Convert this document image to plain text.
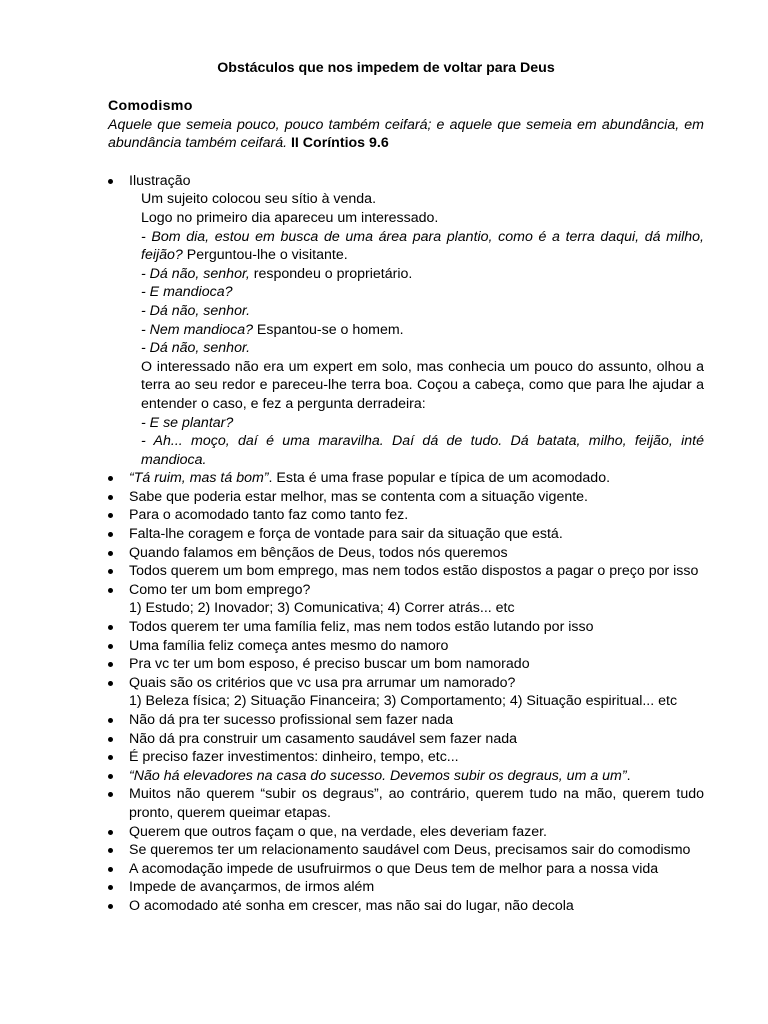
Obstáculos que nos impedem de voltar para Deus
Comodismo
Aquele que semeia pouco, pouco também ceifará; e aquele que semeia em abundância, em abundância também ceifará. II Coríntios 9.6
Ilustração
Um sujeito colocou seu sítio à venda.
Logo no primeiro dia apareceu um interessado.
- Bom dia, estou em busca de uma área para plantio, como é a terra daqui, dá milho, feijão? Perguntou-lhe o visitante.
- Dá não, senhor, respondeu o proprietário.
- E mandioca?
- Dá não, senhor.
- Nem mandioca? Espantou-se o homem.
- Dá não, senhor.
O interessado não era um expert em solo, mas conhecia um pouco do assunto, olhou a terra ao seu redor e pareceu-lhe terra boa. Coçou a cabeça, como que para lhe ajudar a entender o caso, e fez a pergunta derradeira:
- E se plantar?
- Ah... moço, daí é uma maravilha. Daí dá de tudo. Dá batata, milho, feijão, inté mandioca.
“Tá ruim, mas tá bom”. Esta é uma frase popular e típica de um acomodado.
Sabe que poderia estar melhor, mas se contenta com a situação vigente.
Para o acomodado tanto faz como tanto fez.
Falta-lhe coragem e força de vontade para sair da situação que está.
Quando falamos em bênçãos de Deus, todos nós queremos
Todos querem um bom emprego, mas nem todos estão dispostos a pagar o preço por isso
Como ter um bom emprego?
1) Estudo; 2) Inovador; 3) Comunicativa; 4) Correr atrás... etc
Todos querem ter uma família feliz, mas nem todos estão lutando por isso
Uma família feliz começa antes mesmo do namoro
Pra vc ter um bom esposo, é preciso buscar um bom namorado
Quais são os critérios que vc usa pra arrumar um namorado?
1) Beleza física; 2) Situação Financeira; 3) Comportamento; 4) Situação espiritual... etc
Não dá pra ter sucesso profissional sem fazer nada
Não dá pra construir um casamento saudável sem fazer nada
É preciso fazer investimentos: dinheiro, tempo, etc...
“Não há elevadores na casa do sucesso. Devemos subir os degraus, um a um”.
Muitos não querem “subir os degraus”, ao contrário, querem tudo na mão, querem tudo pronto, querem queimar etapas.
Querem que outros façam o que, na verdade, eles deveriam fazer.
Se queremos ter um relacionamento saudável com Deus, precisamos sair do comodismo
A acomodação impede de usufruirmos o que Deus tem de melhor para a nossa vida
Impede de avançarmos, de irmos além
O acomodado até sonha em crescer, mas não sai do lugar, não decola
